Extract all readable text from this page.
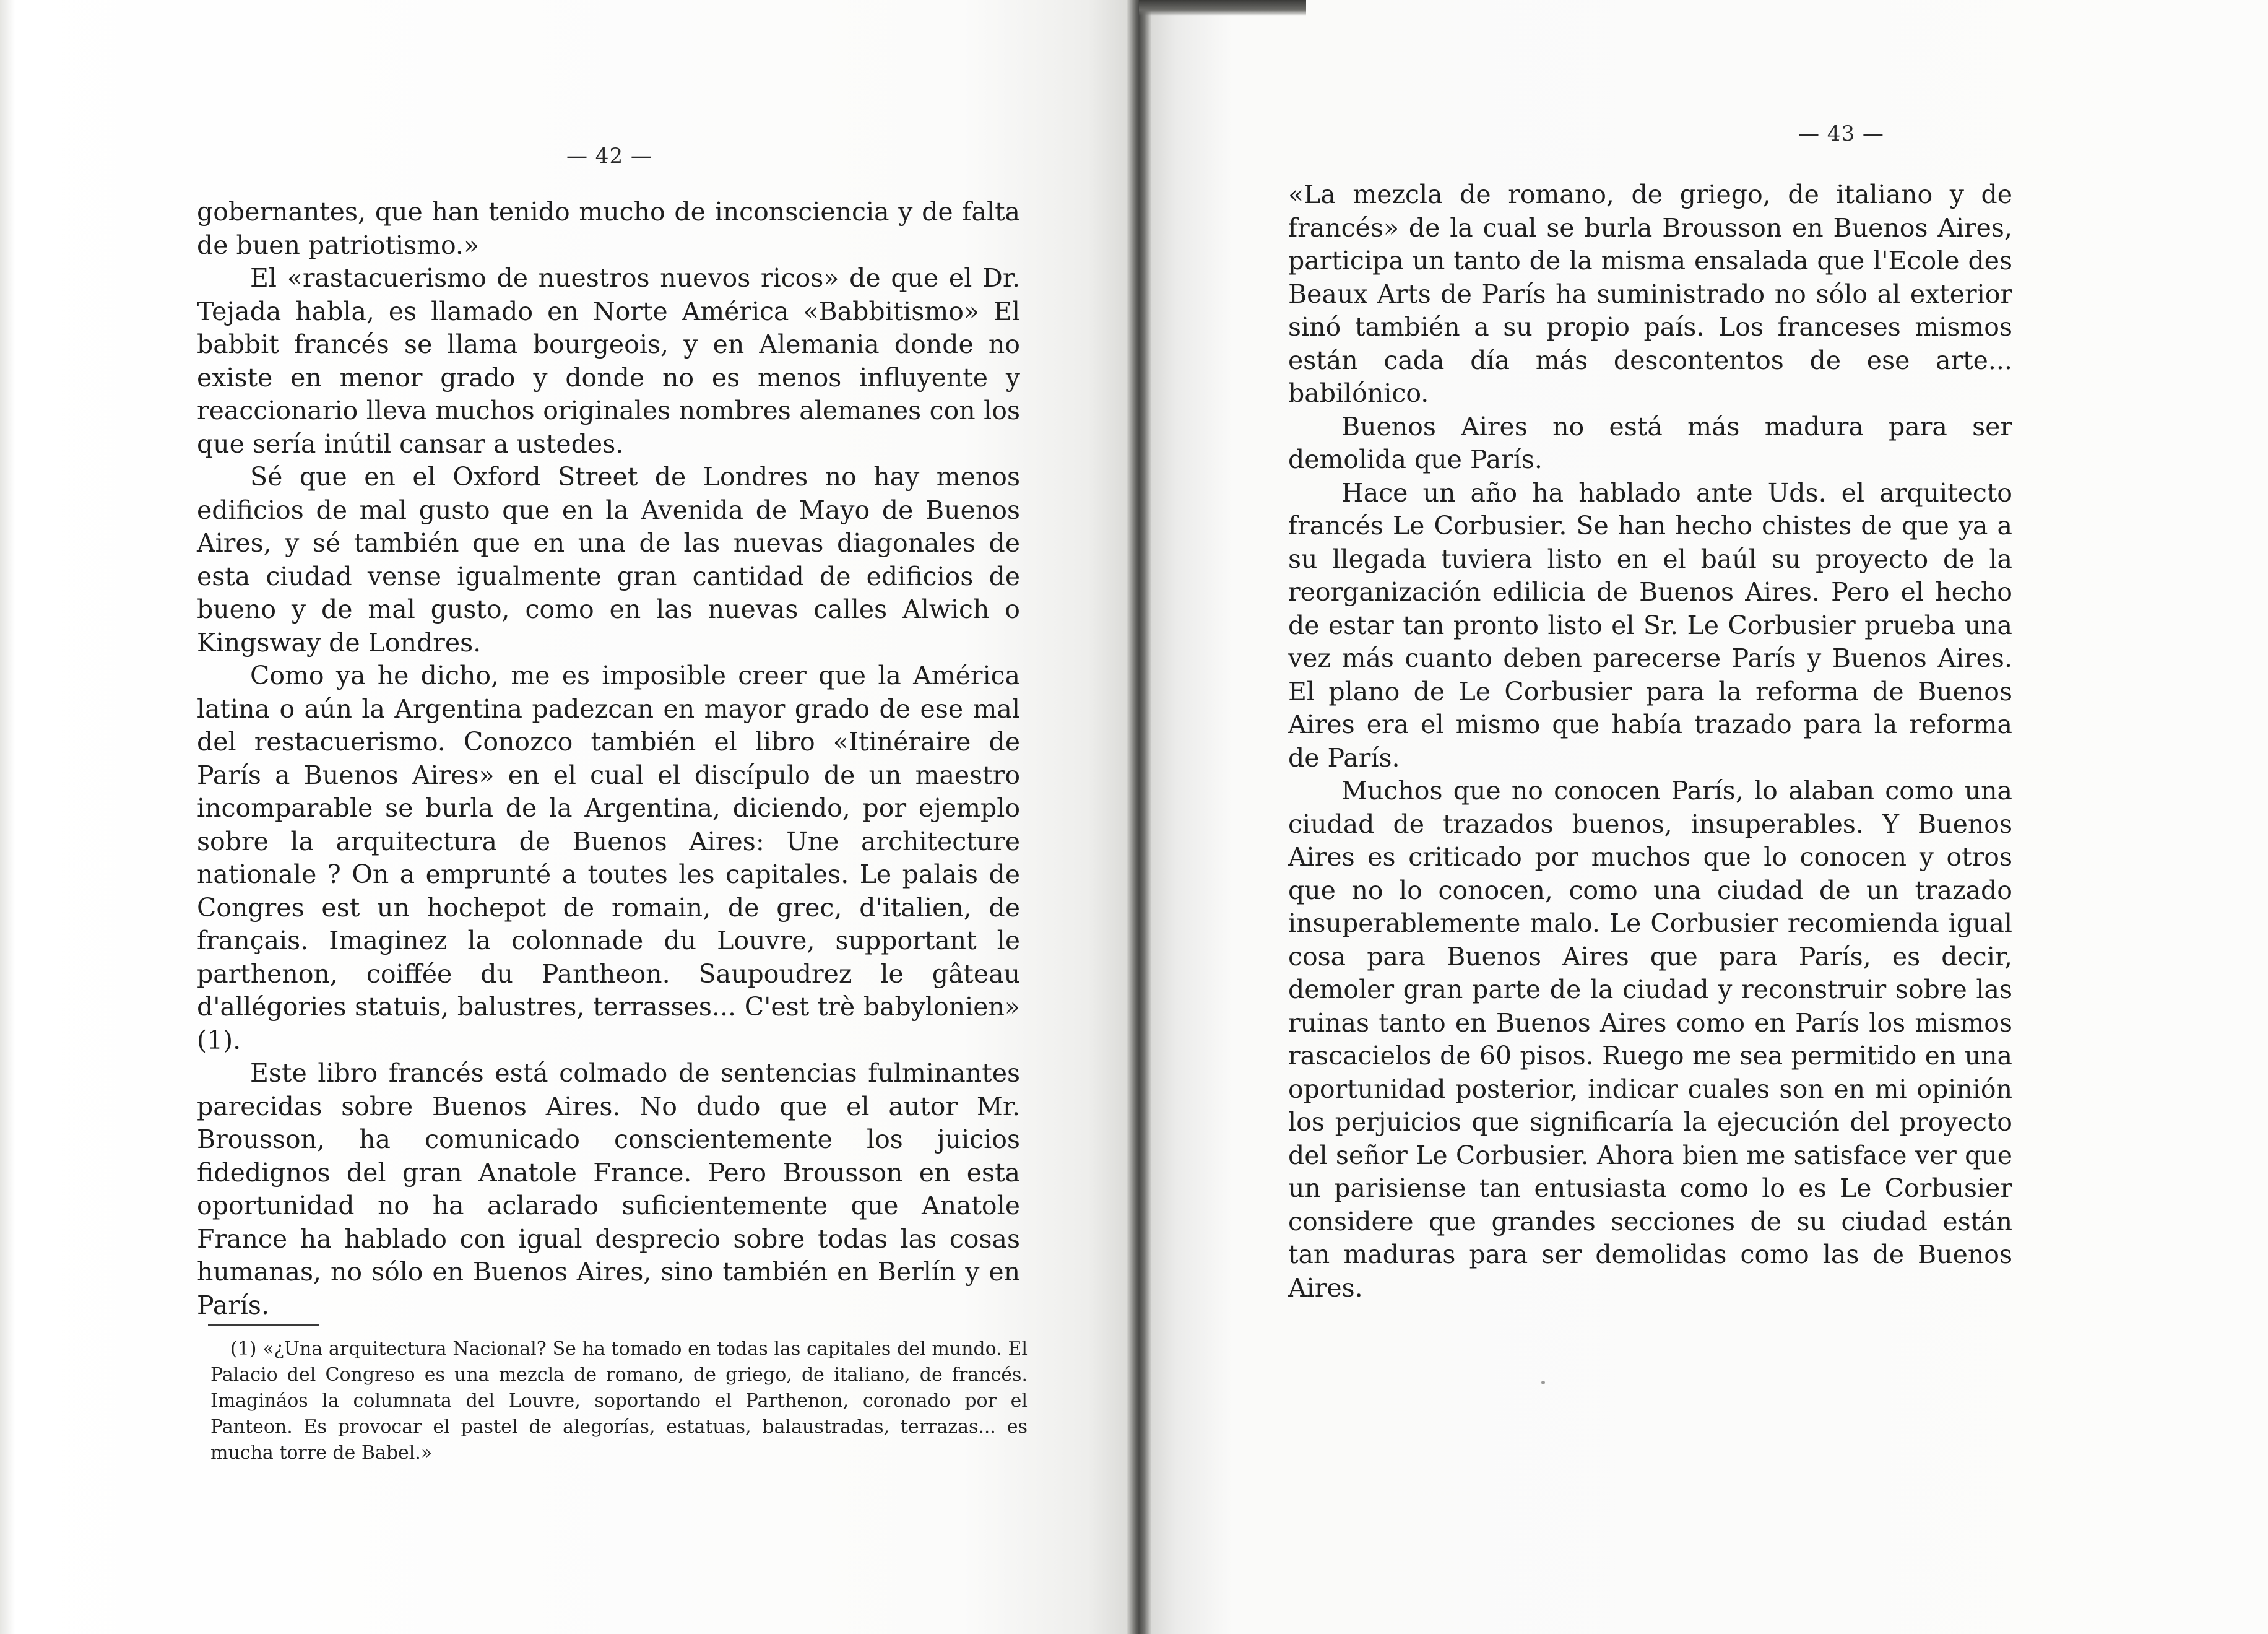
— 42 —

gobernantes, que han tenido mucho de inconsciencia y de falta de buen patriotismo.»

El «rastacuerismo de nuestros nuevos ricos» de que el Dr. Tejada habla, es llamado en Norte América «Babbitismo» El babbit francés se llama bourgeois, y en Alemania donde no existe en menor grado y donde no es menos influyente y reaccionario lleva muchos originales nombres alemanes con los que sería inútil cansar a ustedes.

Sé que en el Oxford Street de Londres no hay menos edificios de mal gusto que en la Avenida de Mayo de Buenos Aires, y sé también que en una de las nuevas diagonales de esta ciudad vense igualmente gran cantidad de edificios de bueno y de mal gusto, como en las nuevas calles Alwich o Kingsway de Londres.

Como ya he dicho, me es imposible creer que la América latina o aún la Argentina padezcan en mayor grado de ese mal del restacuerismo. Conozco también el libro «Itinéraire de París a Buenos Aires» en el cual el discípulo de un maestro incomparable se burla de la Argentina, diciendo, por ejemplo sobre la arquitectura de Buenos Aires: Une architecture nationale ? On a emprunté a toutes les capitales. Le palais de Congres est un hochepot de romain, de grec, d'italien, de français. Imaginez la colonnade du Louvre, supportant le parthenon, coiffée du Pantheon. Saupoudrez le gâteau d'allégories statuis, balustres, terrasses... C'est trè babylonien» (1).

Este libro francés está colmado de sentencias fulminantes parecidas sobre Buenos Aires. No dudo que el autor Mr. Brousson, ha comunicado conscientemente los juicios fidedignos del gran Anatole France. Pero Brousson en esta oportunidad no ha aclarado suficientemente que Anatole France ha hablado con igual desprecio sobre todas las cosas humanas, no sólo en Buenos Aires, sino también en Berlín y en París.

(1) «¿Una arquitectura Nacional? Se ha tomado en todas las capitales del mundo. El Palacio del Congreso es una mezcla de romano, de griego, de italiano, de francés. Imagináos la columnata del Louvre, soportando el Parthenon, coronado por el Panteon. Es provocar el pastel de alegorías, estatuas, balaustradas, terrazas... es mucha torre de Babel.»

— 43 —

«La mezcla de romano, de griego, de italiano y de francés» de la cual se burla Brousson en Buenos Aires, participa un tanto de la misma ensalada que l'Ecole des Beaux Arts de París ha suministrado no sólo al exterior sinó también a su propio país. Los franceses mismos están cada día más descontentos de ese arte... babilónico.

Buenos Aires no está más madura para ser demolida que París.

Hace un año ha hablado ante Uds. el arquitecto francés Le Corbusier. Se han hecho chistes de que ya a su llegada tuviera listo en el baúl su proyecto de la reorganización edilicia de Buenos Aires. Pero el hecho de estar tan pronto listo el Sr. Le Corbusier prueba una vez más cuanto deben parecerse París y Buenos Aires. El plano de Le Corbusier para la reforma de Buenos Aires era el mismo que había trazado para la reforma de París.

Muchos que no conocen París, lo alaban como una ciudad de trazados buenos, insuperables. Y Buenos Aires es criticado por muchos que lo conocen y otros que no lo conocen, como una ciudad de un trazado insuperablemente malo. Le Corbusier recomienda igual cosa para Buenos Aires que para París, es decir, demoler gran parte de la ciudad y reconstruir sobre las ruinas tanto en Buenos Aires como en París los mismos rascacielos de 60 pisos. Ruego me sea permitido en una oportunidad posterior, indicar cuales son en mi opinión los perjuicios que significaría la ejecución del proyecto del señor Le Corbusier. Ahora bien me satisface ver que un parisiense tan entusiasta como lo es Le Corbusier considere que grandes secciones de su ciudad están tan maduras para ser demolidas como las de Buenos Aires.
